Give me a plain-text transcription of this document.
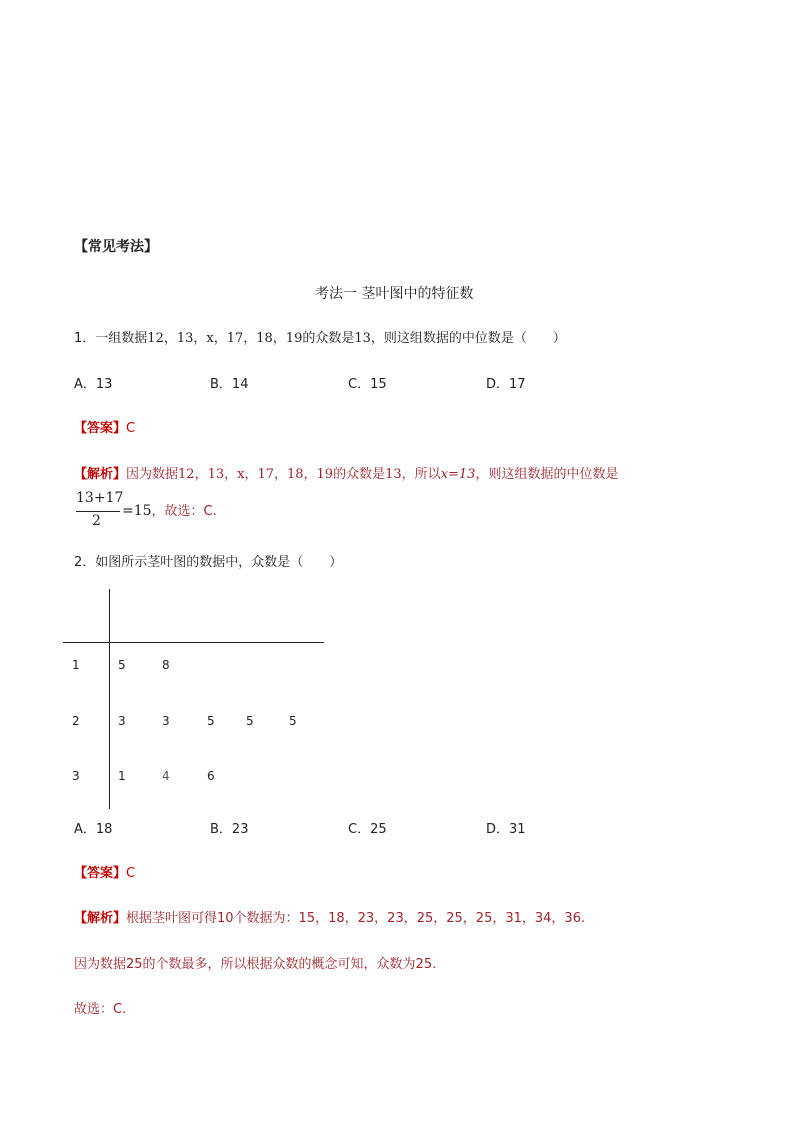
【常见考法】
考法一 茎叶图中的特征数
1．一组数据12，13，x，17，18，19的众数是13，则这组数据的中位数是（　　）
A．13	B．14	C．15	D．17
【答案】C
【解析】因为数据12，13，x，17，18，19的众数是13，所以x=13，则这组数据的中位数是
13+17
2
=15，故选：C.
2．如图所示茎叶图的数据中，众数是（　　）
1	5	8
2	3	3	5	5	5
3	1	4	6
A．18	B．23	C．25	D．31
【答案】C
【解析】根据茎叶图可得10个数据为：15，18，23，23，25，25，25，31，34，36.
因为数据25的个数最多，所以根据众数的概念可知，众数为25.
故选：C.
